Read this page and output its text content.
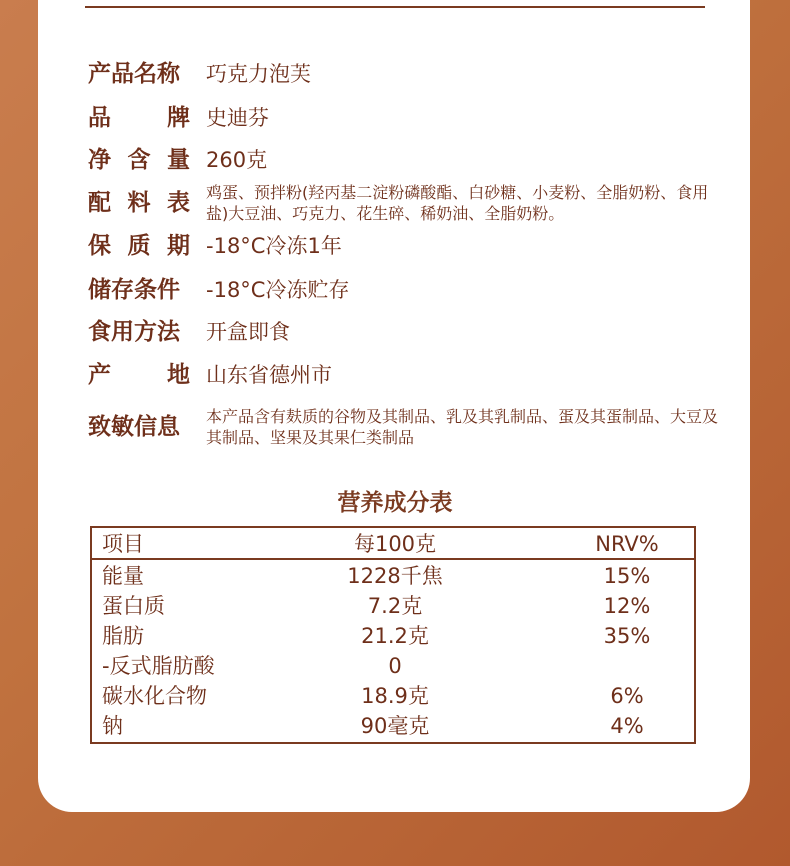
产品名称	巧克力泡芙
品 牌 史迪芬
净 含 量 260克
配 料 表 鸡蛋、预拌粉(羟丙基二淀粉磷酸酯、白砂糖、小麦粉、全脂奶粉、食用盐)大豆油、巧克力、花生碎、稀奶油、全脂奶粉。
保 质 期 -18°C冷冻1年
储存条件	-18°C冷冻贮存
食用方法	开盒即食
产 地 山东省德州市
致敏信息	本产品含有麸质的谷物及其制品、乳及其乳制品、蛋及其蛋制品、大豆及其制品、坚果及其果仁类制品
营养成分表
项目	每100克	NRV%
能量	1228千焦	15%
蛋白质	7.2克	12%
脂肪	21.2克	35%
-反式脂肪酸	0
碳水化合物	18.9克	6%
钠	90毫克	4%
